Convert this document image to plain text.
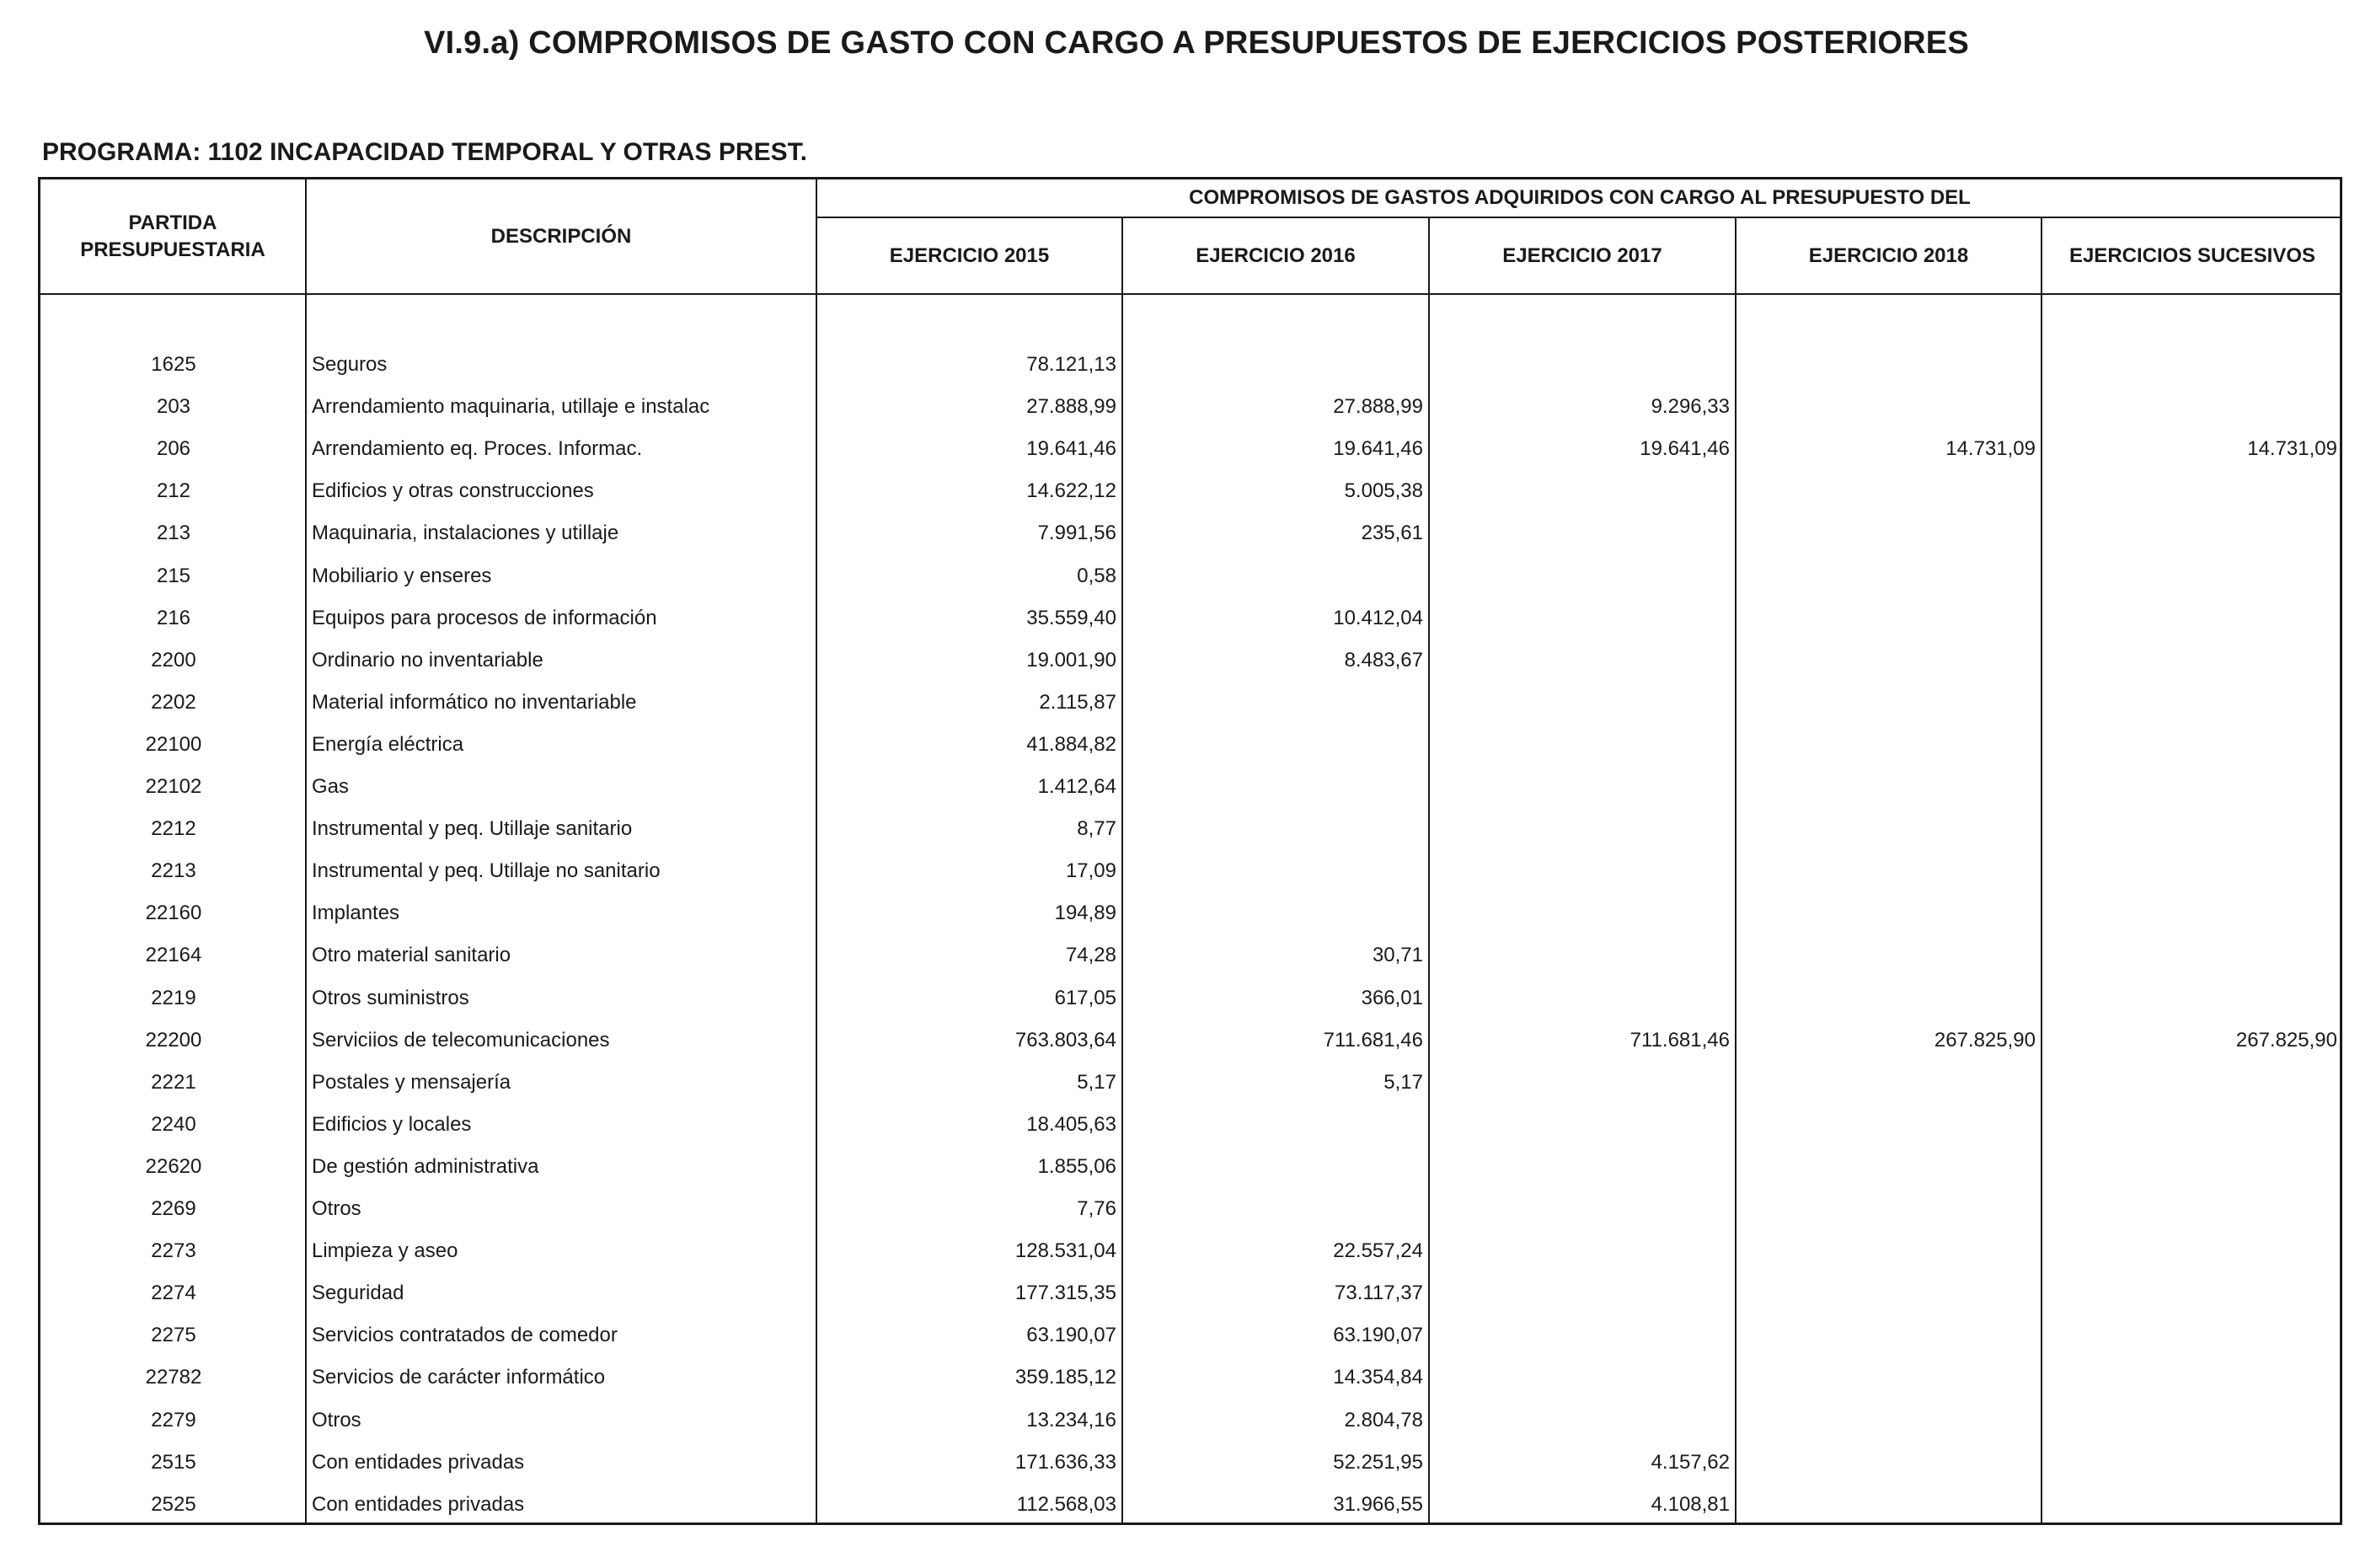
VI.9.a) COMPROMISOS DE GASTO CON CARGO A PRESUPUESTOS DE EJERCICIOS POSTERIORES
PROGRAMA: 1102 INCAPACIDAD TEMPORAL Y OTRAS PREST.
PARTIDA
PRESUPUESTARIA
DESCRIPCIÓN
COMPROMISOS DE GASTOS ADQUIRIDOS CON CARGO AL PRESUPUESTO DEL
EJERCICIO 2015	EJERCICIO 2016	EJERCICIO 2017	EJERCICIO 2018	EJERCICIOS SUCESIVOS
1625	Seguros	78.121,13
203	Arrendamiento maquinaria, utillaje e instalac	27.888,99	27.888,99	9.296,33
206	Arrendamiento eq. Proces. Informac.	19.641,46	19.641,46	19.641,46	14.731,09	14.731,09
212	Edificios y otras construcciones	14.622,12	5.005,38
213	Maquinaria, instalaciones y utillaje	7.991,56	235,61
215	Mobiliario y enseres	0,58
216	Equipos para procesos de información	35.559,40	10.412,04
2200	Ordinario no inventariable	19.001,90	8.483,67
2202	Material informático no inventariable	2.115,87
22100	Energía eléctrica	41.884,82
22102	Gas	1.412,64
2212	Instrumental y peq. Utillaje sanitario	8,77
2213	Instrumental y peq. Utillaje no sanitario	17,09
22160	Implantes	194,89
22164	Otro material sanitario	74,28	30,71
2219	Otros suministros	617,05	366,01
22200	Serviciios de telecomunicaciones	763.803,64	711.681,46	711.681,46	267.825,90	267.825,90
2221	Postales y mensajería	5,17	5,17
2240	Edificios y locales	18.405,63
22620	De gestión administrativa	1.855,06
2269	Otros	7,76
2273	Limpieza y aseo	128.531,04	22.557,24
2274	Seguridad	177.315,35	73.117,37
2275	Servicios contratados de comedor	63.190,07	63.190,07
22782	Servicios de carácter informático	359.185,12	14.354,84
2279	Otros	13.234,16	2.804,78
2515	Con entidades privadas	171.636,33	52.251,95	4.157,62
2525	Con entidades privadas	112.568,03	31.966,55	4.108,81
